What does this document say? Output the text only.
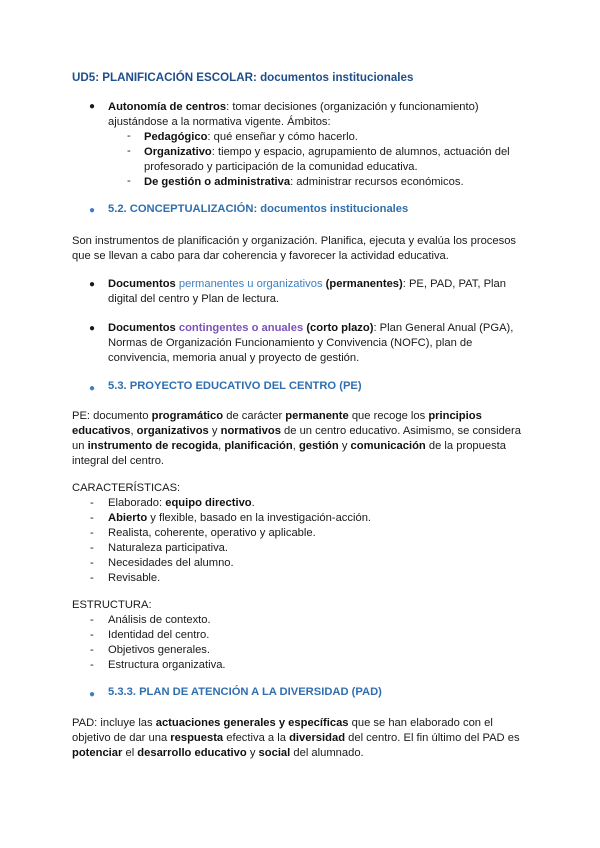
UD5: PLANIFICACIÓN ESCOLAR: documentos institucionales
● Autonomía de centros: tomar decisiones (organización y funcionamiento)

ajustándose a la normativa vigente. Ámbitos:

- Pedagógico: qué enseñar y cómo hacerlo.

- Organizativo: tiempo y espacio, agrupamiento de alumnos, actuación del

profesorado y participación de la comunidad educativa.

- De gestión o administrativa: administrar recursos económicos.

● 5.2. CONCEPTUALIZACIÓN: documentos institucionales

Son instrumentos de planificación y organización. Planifica, ejecuta y evalúa los procesos

que se llevan a cabo para dar coherencia y favorecer la actividad educativa.

● Documentos permanentes u organizativos (permanentes): PE, PAD, PAT, Plan

digital del centro y Plan de lectura.

● Documentos contingentes o anuales (corto plazo): Plan General Anual (PGA),

Normas de Organización Funcionamiento y Convivencia (NOFC), plan de

convivencia, memoria anual y proyecto de gestión.

● 5.3. PROYECTO EDUCATIVO DEL CENTRO (PE)

PE: documento programático de carácter permanente que recoge los principios

educativos, organizativos y normativos de un centro educativo. Asimismo, se considera

un instrumento de recogida, planificación, gestión y comunicación de la propuesta

integral del centro.

CARACTERÍSTICAS:

- Elaborado: equipo directivo.

- Abierto y flexible, basado en la investigación-acción.

- Realista, coherente, operativo y aplicable.

- Naturaleza participativa.

- Necesidades del alumno.

- Revisable.

ESTRUCTURA:

- Análisis de contexto.

- Identidad del centro.

- Objetivos generales.

- Estructura organizativa.

● 5.3.3. PLAN DE ATENCIÓN A LA DIVERSIDAD (PAD)

PAD: incluye las actuaciones generales y específicas que se han elaborado con el

objetivo de dar una respuesta efectiva a la diversidad del centro. El fin último del PAD es

potenciar el desarrollo educativo y social del alumnado.
